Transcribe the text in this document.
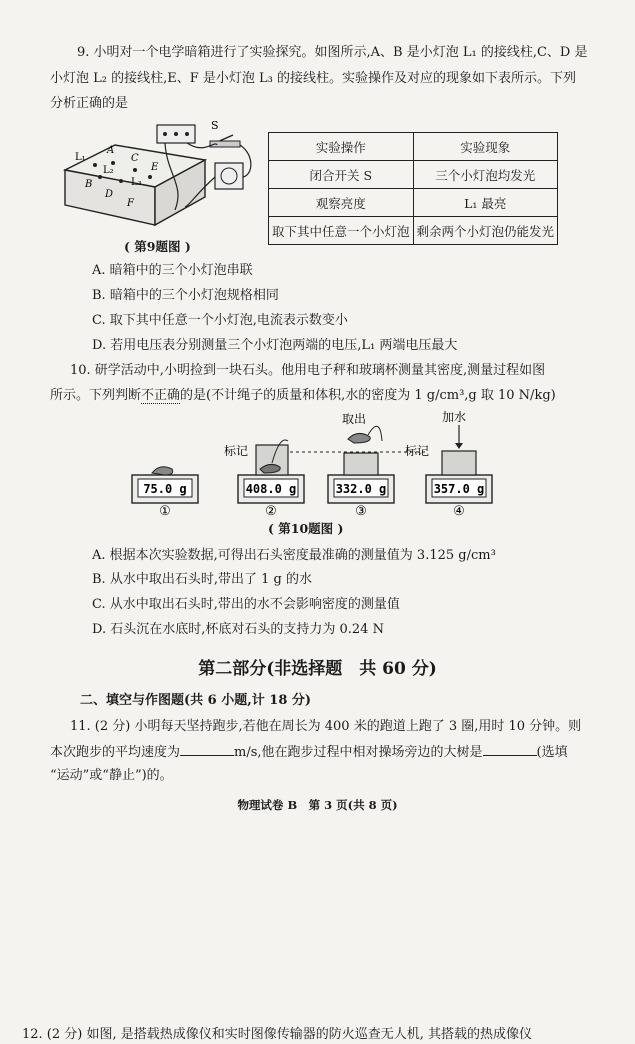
9. 小明对一个电学暗箱进行了实验探究。如图所示,A、B 是小灯泡 L₁ 的接线柱,C、D 是
小灯泡 L₂ 的接线柱,E、F 是小灯泡 L₃ 的接线柱。实验操作及对应的现象如下表所示。下列
分析正确的是
L₁
A
C
E
L₂
L₃
B
D
F
S
( 第9题图 )
实验操作	实验现象
闭合开关 S	三个小灯泡均发光
观察亮度	L₁ 最亮
取下其中任意一个小灯泡	剩余两个小灯泡仍能发光
A. 暗箱中的三个小灯泡串联
B. 暗箱中的三个小灯泡规格相同
C. 取下其中任意一个小灯泡,电流表示数变小
D. 若用电压表分别测量三个小灯泡两端的电压,L₁ 两端电压最大
10. 研学活动中,小明捡到一块石头。他用电子秤和玻璃杯测量其密度,测量过程如图
所示。下列判断不正确的是(不计绳子的质量和体积,水的密度为 1 g/cm³,g 取 10 N/kg)
标记	标记
取出	加水
75.0 g	408.0 g	332.0 g	357.0 g
①	②	③	④
( 第10题图 )
A. 根据本次实验数据,可得出石头密度最准确的测量值为 3.125 g/cm³
B. 从水中取出石头时,带出了 1 g 的水
C. 从水中取出石头时,带出的水不会影响密度的测量值
D. 石头沉在水底时,杯底对石头的支持力为 0.24 N
第二部分(非选择题　共 60 分)
二、填空与作图题(共 6 小题,计 18 分)
11. (2 分) 小明每天坚持跑步,若他在周长为 400 米的跑道上跑了 3 圈,用时 10 分钟。则
本次跑步的平均速度为	m/s,他在跑步过程中相对操场旁边的大树是	(选填
“运动”或“静止”)的。
物理试卷 B　第 3 页(共 8 页)
12. (2 分) 如图, 是搭载热成像仪和实时图像传输器的防火巡查无人机, 其搭载的热成像仪
